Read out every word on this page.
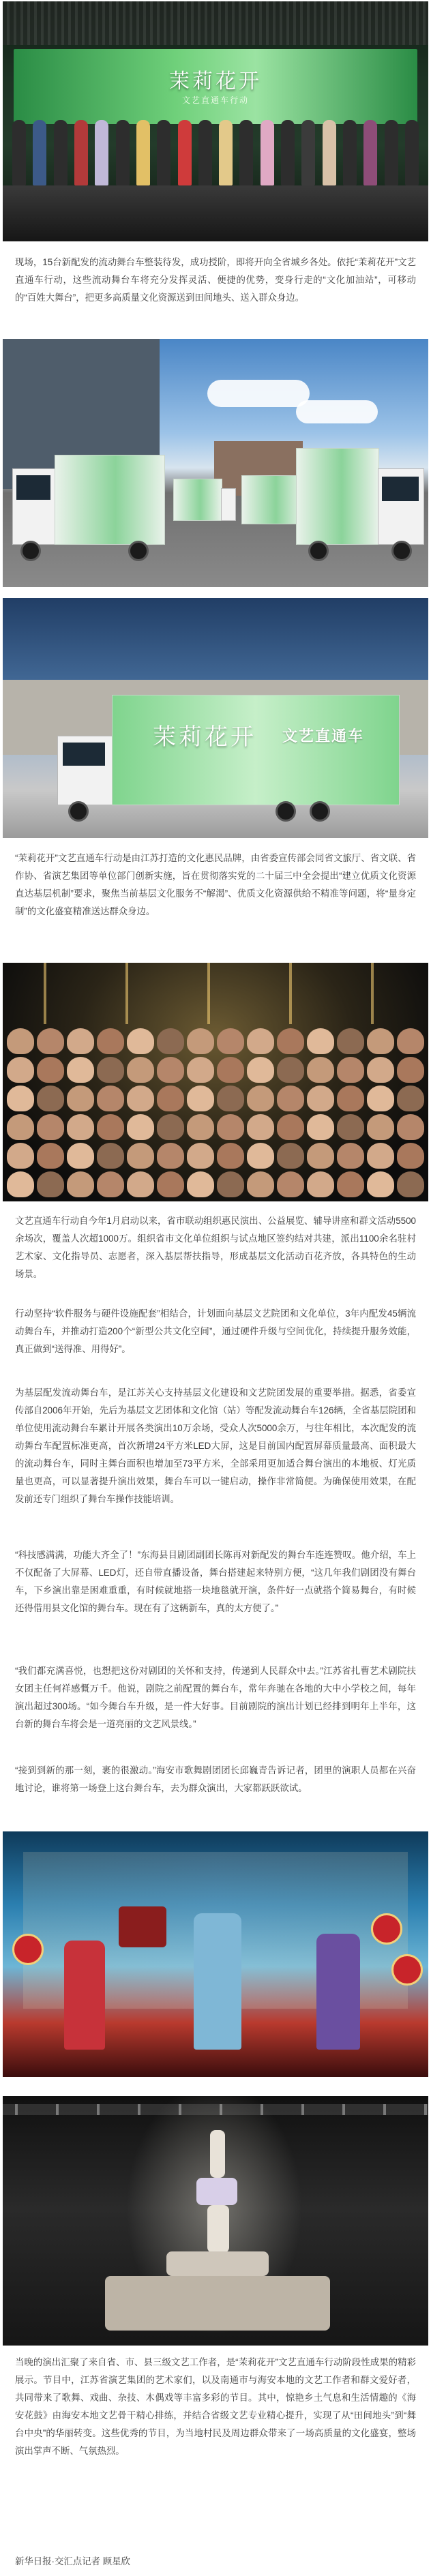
茉莉花开
文艺直通车行动

现场，15台新配发的流动舞台车整装待发，成功授阶，即将开向全省城乡各处。依托“茉莉花开”文艺直通车行动，这些流动舞台车将充分发挥灵活、便捷的优势，变身行走的“文化加油站”，可移动的“百姓大舞台”，把更多高质量文化资源送到田间地头、送入群众身边。

茉莉花开 文艺直通车

“茉莉花开”文艺直通车行动是由江苏打造的文化惠民品牌，由省委宣传部会同省文旅厅、省文联、省作协、省演艺集团等单位部门创新实施，旨在贯彻落实党的二十届三中全会提出“建立优质文化资源直达基层机制”要求，聚焦当前基层文化服务不“解渴”、优质文化资源供给不精准等问题，将“量身定制”的文化盛宴精准送达群众身边。

文艺直通车行动自今年1月启动以来，省市联动组织惠民演出、公益展览、辅导讲座和群文活动5500余场次，覆盖人次超1000万。组织省市文化单位组织与试点地区签约结对共建，派出1100余名驻村艺术家、文化指导员、志愿者，深入基层帮扶指导，形成基层文化活动百花齐放，各具特色的生动场景。

行动坚持“软件服务与硬件设施配套”相结合，计划面向基层文艺院团和文化单位，3年内配发45辆流动舞台车，并推动打造200个“新型公共文化空间”，通过硬件升级与空间优化，持续提升服务效能，真正做到“送得准、用得好”。

为基层配发流动舞台车，是江苏关心支持基层文化建设和文艺院团发展的重要举措。据悉，省委宣传部自2006年开始，先后为基层文艺团体和文化馆（站）等配发流动舞台车126辆，全省基层院团和单位使用流动舞台车累计开展各类演出10万余场，受众人次5000余万，与往年相比，本次配发的流动舞台车配置标准更高，首次新增24平方米LED大屏，这是目前国内配置屏幕质量最高、面积最大的流动舞台车，同时主舞台面积也增加至73平方米，全部采用更加适合舞台演出的本地板、灯光质量也更高，可以显著提升演出效果，舞台车可以一键启动，操作非常简便。为确保使用效果，在配发前还专门组织了舞台车操作技能培训。

“科技感满满，功能大齐全了！”东海县目剧团副团长陈再对新配发的舞台车连连赞叹。他介绍，车上不仅配备了大屏幕、LED灯，还自带直播设备，舞台搭建起来特别方便，“这几年我们剧团没有舞台车，下乡演出靠是困难重重，有时候就地搭一块地毯就开演，条件好一点就搭个简易舞台，有时候还得借用县文化馆的舞台车。现在有了这辆新车，真的太方便了。”

“我们都充满喜悦，也想把这份对剧团的关怀和支持，传递到人民群众中去。”江苏省扎曹艺术剧院扶女团主任何祥感慨万千。他说，剧院之前配置的舞台车，常年奔驰在各地的大中小学校之间，每年演出超过300场。“如今舞台车升级，是一件大好事。目前剧院的演出计划已经排到明年上半年，这台新的舞台车将会是一道亮丽的文艺风景线。”

“接到到新的那一刻，裹的很激动。”海安市歌舞剧团团长邱巍青告诉记者，团里的演职人员都在兴奋地讨论，谁将第一场登上这台舞台车，去为群众演出，大家都跃跃欲试。

当晚的演出汇聚了来自省、市、县三级文艺工作者，是“茉莉花开”文艺直通车行动阶段性成果的精彩展示。节目中，江苏省演艺集团的艺术家们，以及南通市与海安本地的文艺工作者和群文爱好者，共同带来了歌舞、戏曲、杂技、木偶戏等丰富多彩的节目。其中，惊艳乡土气息和生活情趣的《海安花鼓》由海安本地文艺骨干精心排练，并结合省级文艺专业精心提升，实现了从“田间地头”到“舞台中央”的华丽转变。这些优秀的节目，为当地村民及周边群众带来了一场高质量的文化盛宴，整场演出掌声不断、气氛热烈。

新华日报·交汇点记者 顾星欣
